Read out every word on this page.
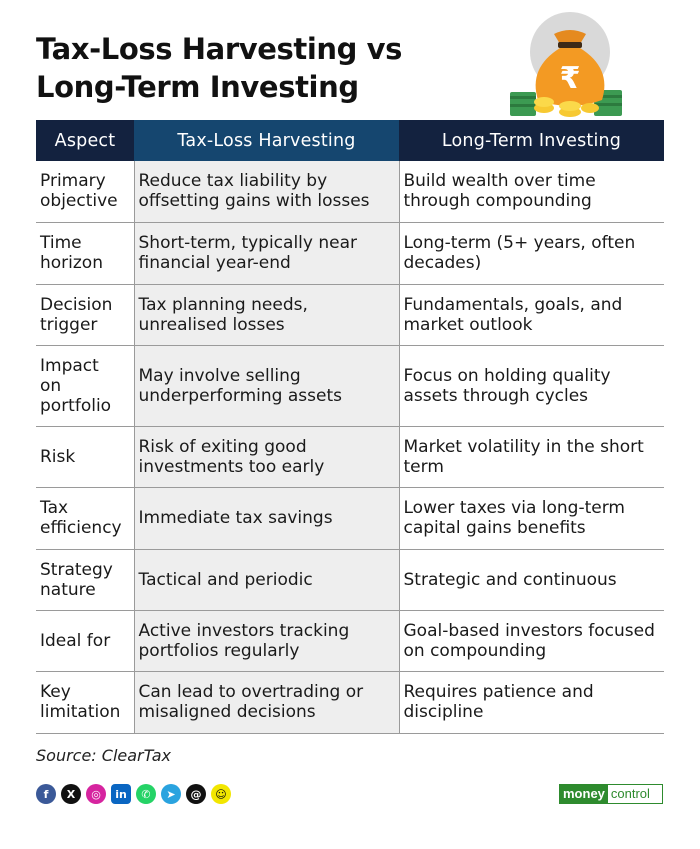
Tax-Loss Harvesting vs
Long-Term Investing	₹
Aspect	Tax-Loss Harvesting	Long-Term Investing
Primary objective	Reduce tax liability by offsetting gains with losses	Build wealth over time through compounding
Time horizon	Short-term, typically near financial year-end	Long-term (5+ years, often decades)
Decision trigger	Tax planning needs, unrealised losses	Fundamentals, goals, and market outlook
Impact on portfolio	May involve selling underperforming assets	Focus on holding quality assets through cycles
Risk	Risk of exiting good investments too early	Market volatility in the short term
Tax efficiency	Immediate tax savings	Lower taxes via long-term capital gains benefits
Strategy nature	Tactical and periodic	Strategic and continuous
Ideal for	Active investors tracking portfolios regularly	Goal-based investors focused on compounding
Key limitation	Can lead to overtrading or misaligned decisions	Requires patience and discipline
Source: ClearTax
f	X	◎	in	✆	➤	@	☺	money control
